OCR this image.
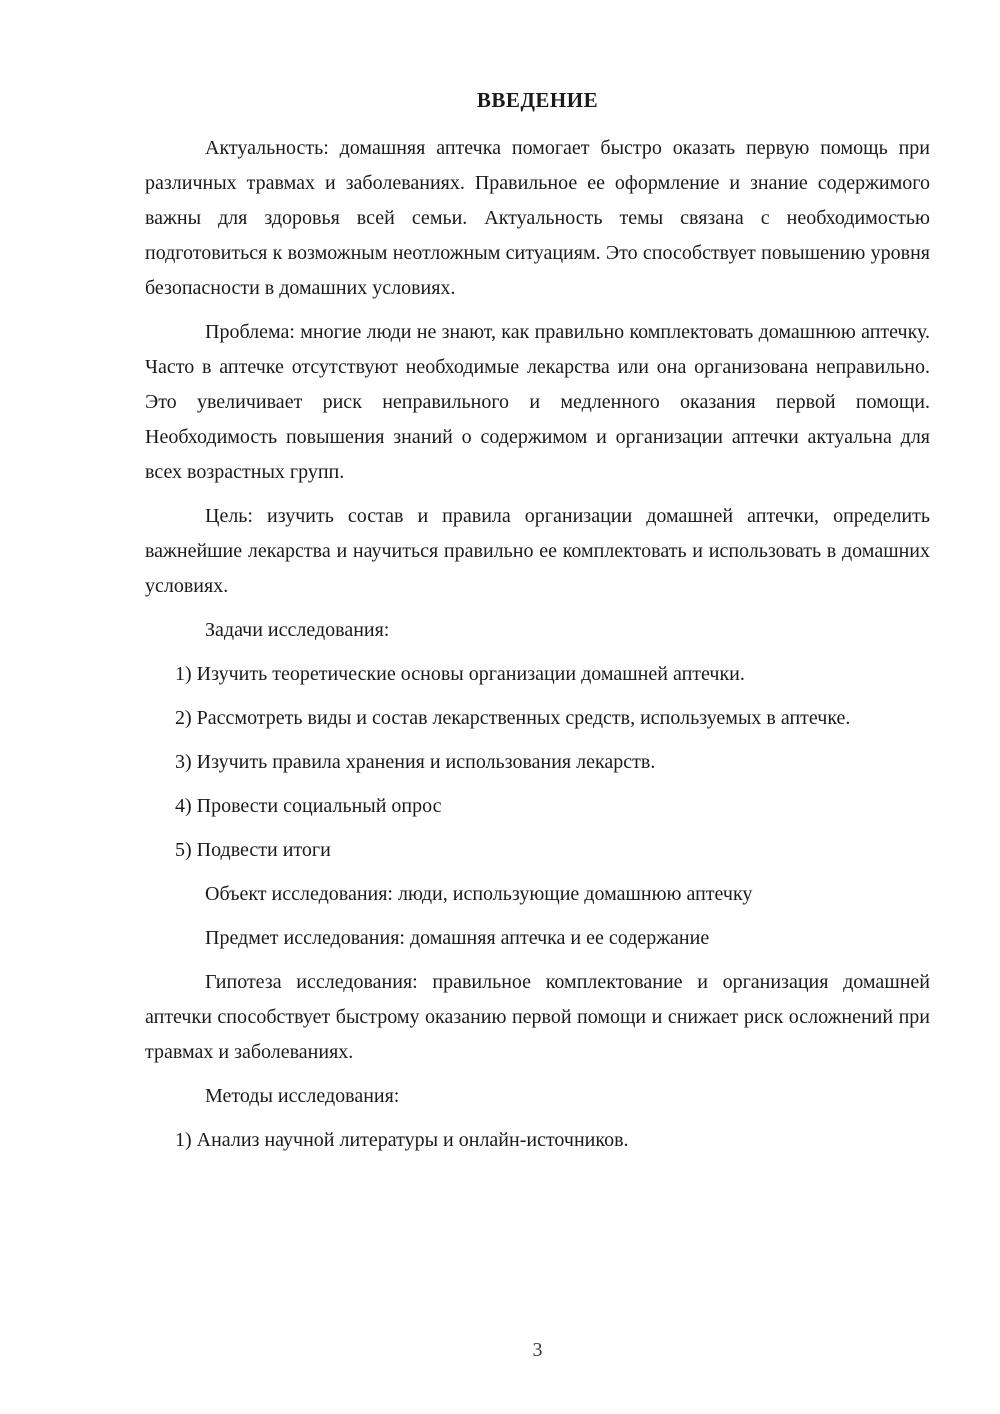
ВВЕДЕНИЕ

Актуальность: домашняя аптечка помогает быстро оказать первую помощь при различных травмах и заболеваниях. Правильное ее оформление и знание содержимого важны для здоровья всей семьи. Актуальность темы связана с необходимостью подготовиться к возможным неотложным ситуациям. Это способствует повышению уровня безопасности в домашних условиях.

Проблема: многие люди не знают, как правильно комплектовать домашнюю аптечку. Часто в аптечке отсутствуют необходимые лекарства или она организована неправильно. Это увеличивает риск неправильного и медленного оказания первой помощи. Необходимость повышения знаний о содержимом и организации аптечки актуальна для всех возрастных групп.

Цель: изучить состав и правила организации домашней аптечки, определить важнейшие лекарства и научиться правильно ее комплектовать и использовать в домашних условиях.

Задачи исследования:

1) Изучить теоретические основы организации домашней аптечки.

2) Рассмотреть виды и состав лекарственных средств, используемых в аптечке.

3) Изучить правила хранения и использования лекарств.

4) Провести социальный опрос

5) Подвести итоги

Объект исследования: люди, использующие домашнюю аптечку

Предмет исследования: домашняя аптечка и ее содержание

Гипотеза исследования: правильное комплектование и организация домашней аптечки способствует быстрому оказанию первой помощи и снижает риск осложнений при травмах и заболеваниях.

Методы исследования:

1) Анализ научной литературы и онлайн-источников.

3
